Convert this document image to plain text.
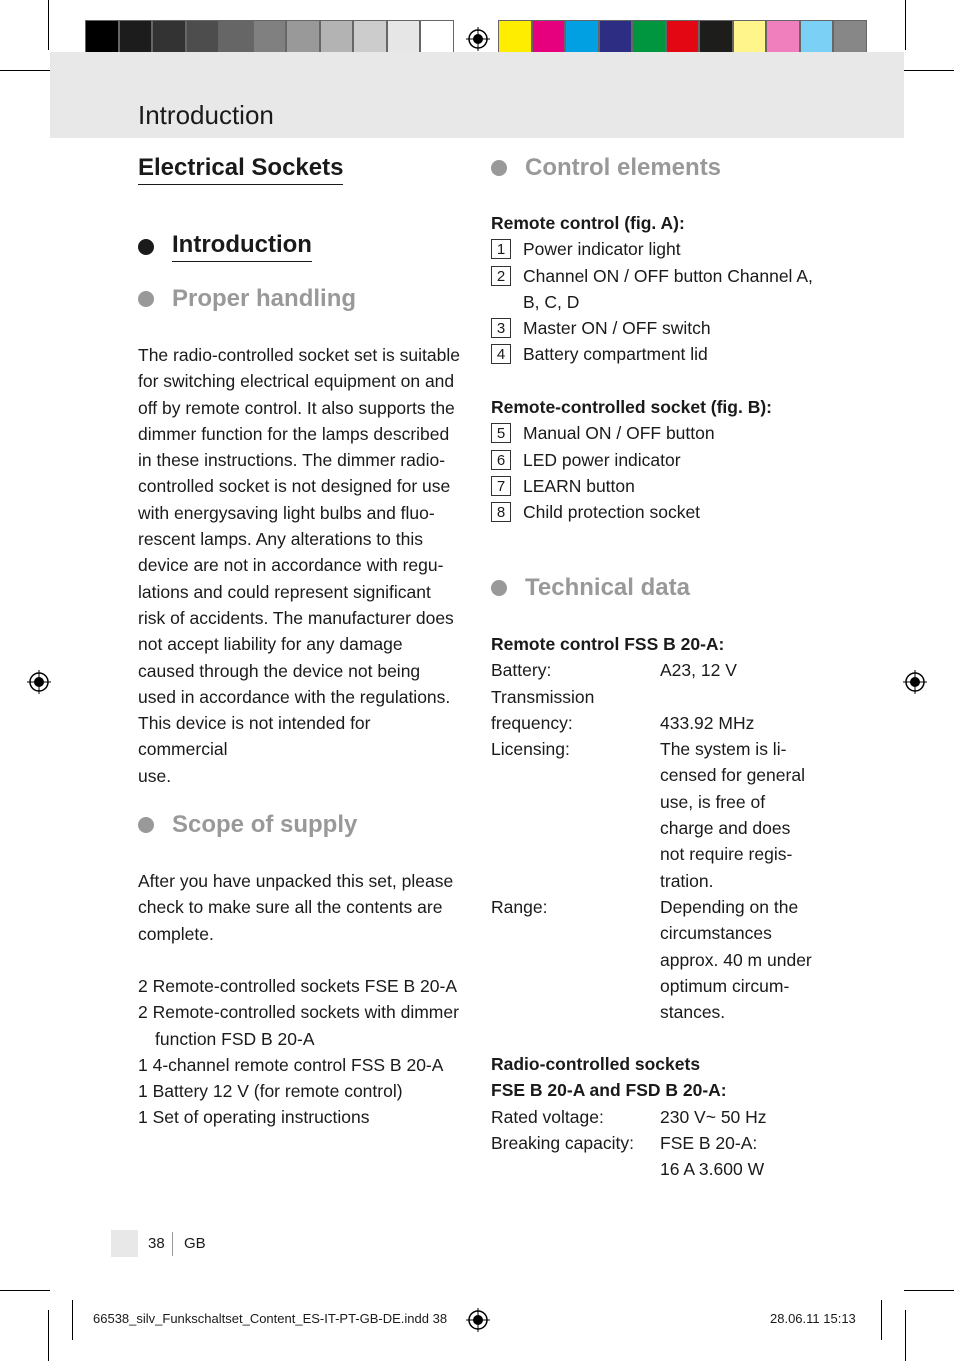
Introduction
Electrical Sockets
Introduction
Proper handling
The radio-controlled socket set is suitable
for switching electrical equipment on and
off by remote control. It also supports the
dimmer function for the lamps described
in these instructions. The dimmer radio-
controlled socket is not designed for use
with energysaving light bulbs and fluo-
rescent lamps. Any alterations to this
device are not in accordance with regu-
lations and could represent significant
risk of accidents. The manufacturer does
not accept liability for any damage
caused through the device not being
used in accordance with the regulations.
This device is not intended for commercial
use.
Scope of supply
After you have unpacked this set, please
check to make sure all the contents are
complete.
2 Remote-controlled sockets FSE B 20-A
2 Remote-controlled sockets with dimmer function FSD B 20-A
1 4-channel remote control FSS B 20-A
1 Battery 12 V (for remote control)
1 Set of operating instructions
Control elements
Remote control (fig. A):
1	Power indicator light
2	Channel ON / OFF button Channel A, B, C, D
3	Master ON / OFF switch
4	Battery compartment lid
Remote-controlled socket (fig. B):
5	Manual ON / OFF button
6	LED power indicator
7	LEARN button
8	Child protection socket
Technical data
Remote control FSS B 20-A:
Battery:	A23, 12 V
Transmission
frequency:	433.92 MHz
Licensing:	The system is li-
censed for general
use, is free of
charge and does
not require regis-
tration.
Range:	Depending on the
circumstances
approx. 40 m under
optimum circum-
stances.
Radio-controlled sockets
FSE B 20-A and FSD B 20-A:
Rated voltage:	230 V~ 50 Hz
Breaking capacity:	FSE B 20-A:
16 A 3.600 W
38 GB
66538_silv_Funkschaltset_Content_ES-IT-PT-GB-DE.indd 38	28.06.11 15:13
